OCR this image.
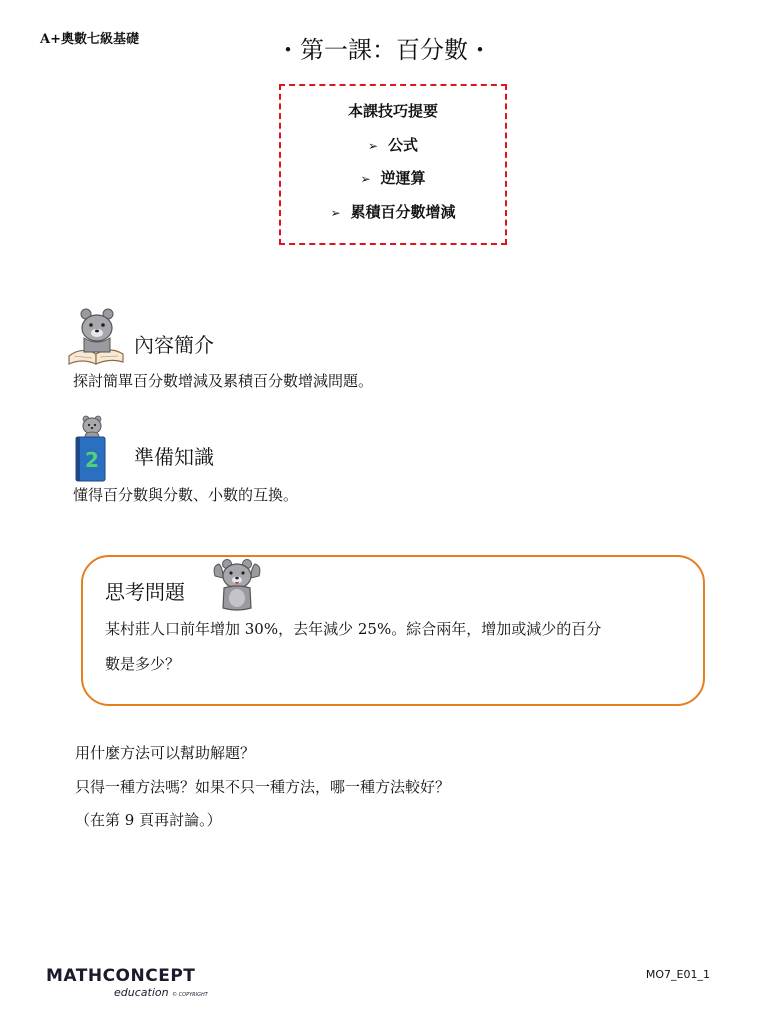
A+奧數七級基礎	・第一課：百分數・
本課技巧提要
➢ 公式
➢ 逆運算
➢ 累積百分數增減
內容簡介
探討簡單百分數增減及累積百分數增減問題。
2 準備知識
懂得百分數與分數、小數的互換。
思考問題
某村莊人口前年增加 30%，去年減少 25%。綜合兩年，增加或減少的百分
數是多少？
用什麼方法可以幫助解題？
只得一種方法嗎？如果不只一種方法，哪一種方法較好？
（在第 9 頁再討論。）
MATHCONCEPT
education © COPYRIGHT
MO7_E01_1
